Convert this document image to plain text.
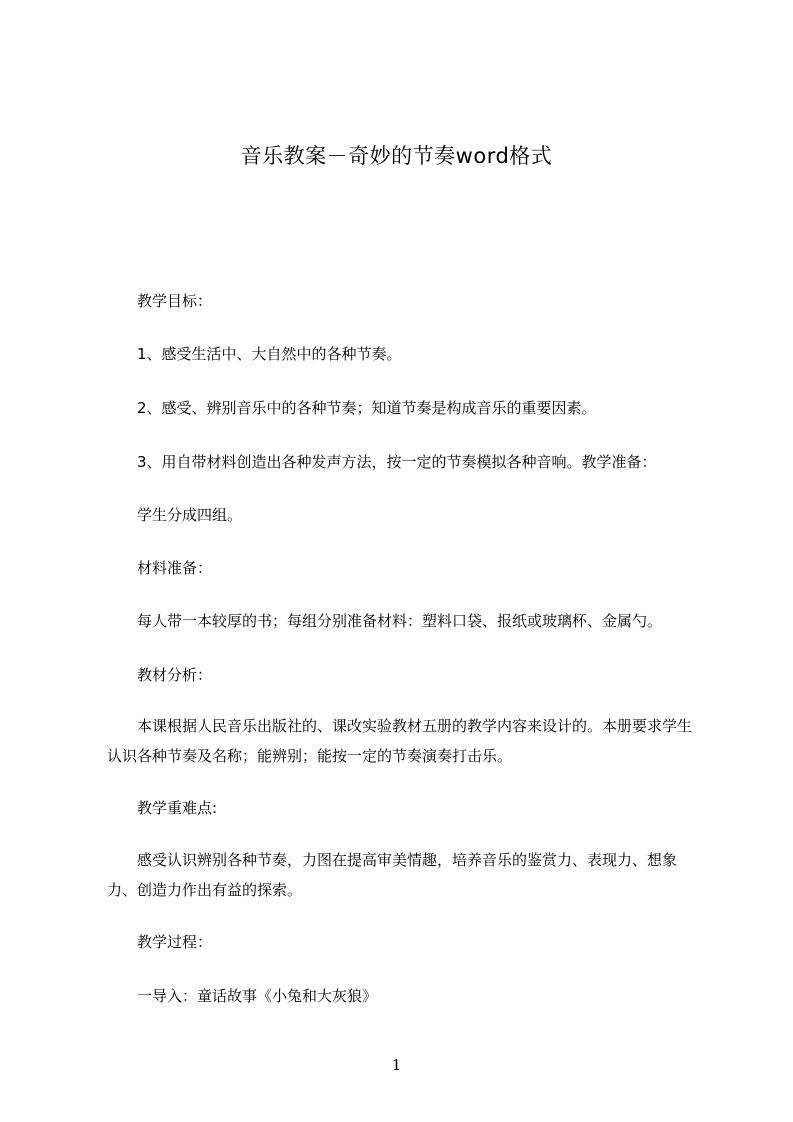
音乐教案－奇妙的节奏word格式
教学目标：
1、感受生活中、大自然中的各种节奏。
2、感受、辨别音乐中的各种节奏；知道节奏是构成音乐的重要因素。
3、用自带材料创造出各种发声方法，按一定的节奏模拟各种音响。教学准备：
学生分成四组。
材料准备：
每人带一本较厚的书；每组分别准备材料：塑料口袋、报纸或玻璃杯、金属勺。
教材分析：
本课根据人民音乐出版社的、课改实验教材五册的教学内容来设计的。本册要求学生认识各种节奏及名称；能辨别；能按一定的节奏演奏打击乐。
教学重难点:
感受认识辨别各种节奏，力图在提高审美情趣，培养音乐的鉴赏力、表现力、想象力、创造力作出有益的探索。
教学过程：
一导入：童话故事《小兔和大灰狼》
1
